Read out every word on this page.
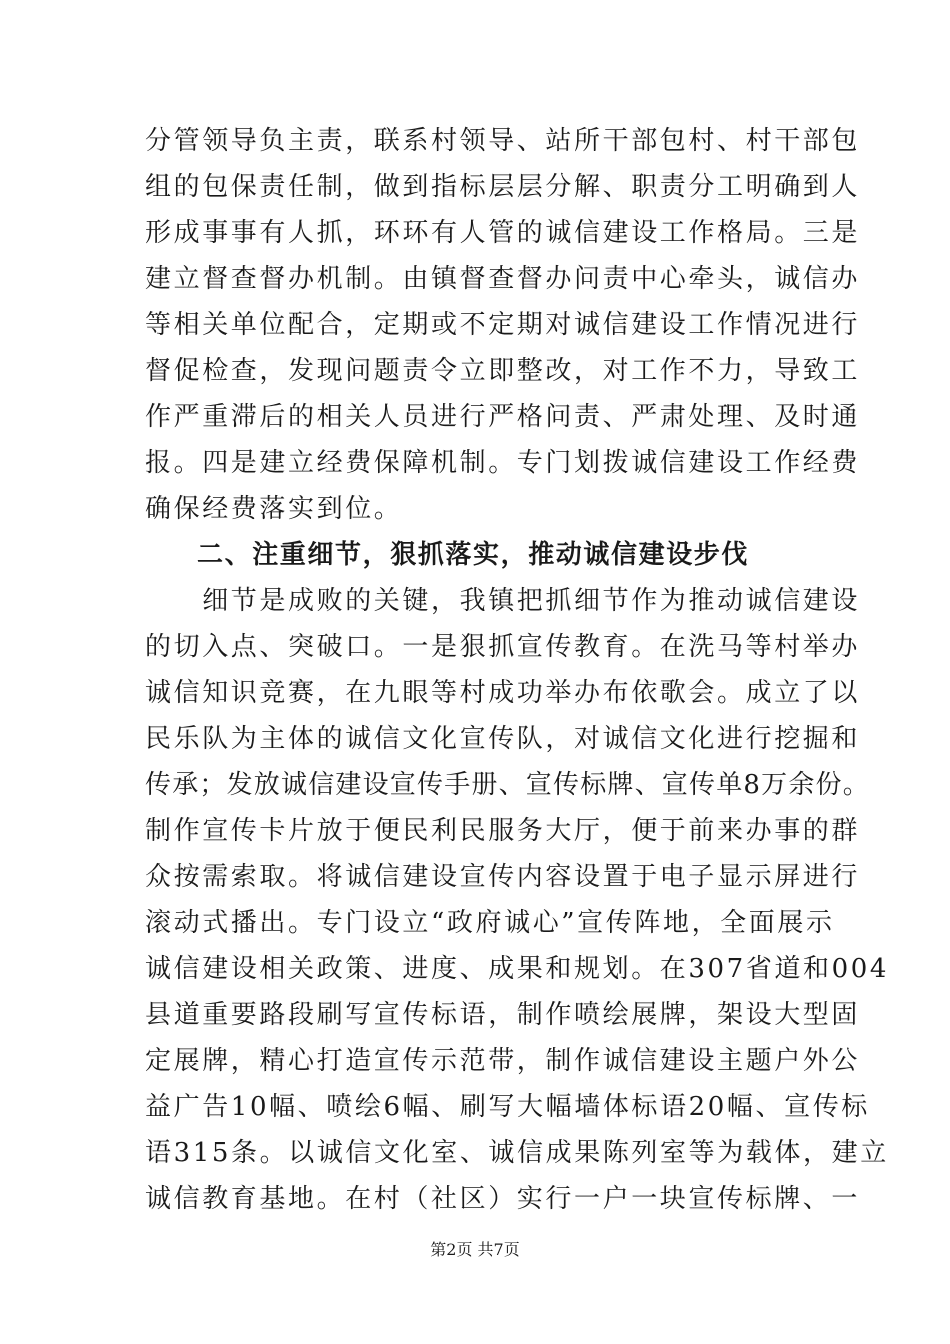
分管领导负主责，联系村领导、站所干部包村、村干部包
组的包保责任制，做到指标层层分解、职责分工明确到人
形成事事有人抓，环环有人管的诚信建设工作格局。三是
建立督查督办机制。由镇督查督办问责中心牵头，诚信办
等相关单位配合，定期或不定期对诚信建设工作情况进行
督促检查，发现问题责令立即整改，对工作不力，导致工
作严重滞后的相关人员进行严格问责、严肃处理、及时通
报。四是建立经费保障机制。专门划拨诚信建设工作经费
确保经费落实到位。
二、注重细节，狠抓落实，推动诚信建设步伐
　　细节是成败的关键，我镇把抓细节作为推动诚信建设
的切入点、突破口。一是狠抓宣传教育。在洗马等村举办
诚信知识竞赛，在九眼等村成功举办布依歌会。成立了以
民乐队为主体的诚信文化宣传队，对诚信文化进行挖掘和
传承；发放诚信建设宣传手册、宣传标牌、宣传单8万余份。
制作宣传卡片放于便民利民服务大厅，便于前来办事的群
众按需索取。将诚信建设宣传内容设置于电子显示屏进行
滚动式播出。专门设立“政府诚心”宣传阵地，全面展示
诚信建设相关政策、进度、成果和规划。在307省道和004
县道重要路段刷写宣传标语，制作喷绘展牌，架设大型固
定展牌，精心打造宣传示范带，制作诚信建设主题户外公
益广告10幅、喷绘6幅、刷写大幅墙体标语20幅、宣传标
语315条。以诚信文化室、诚信成果陈列室等为载体，建立
诚信教育基地。在村（社区）实行一户一块宣传标牌、一
第2页 共7页
